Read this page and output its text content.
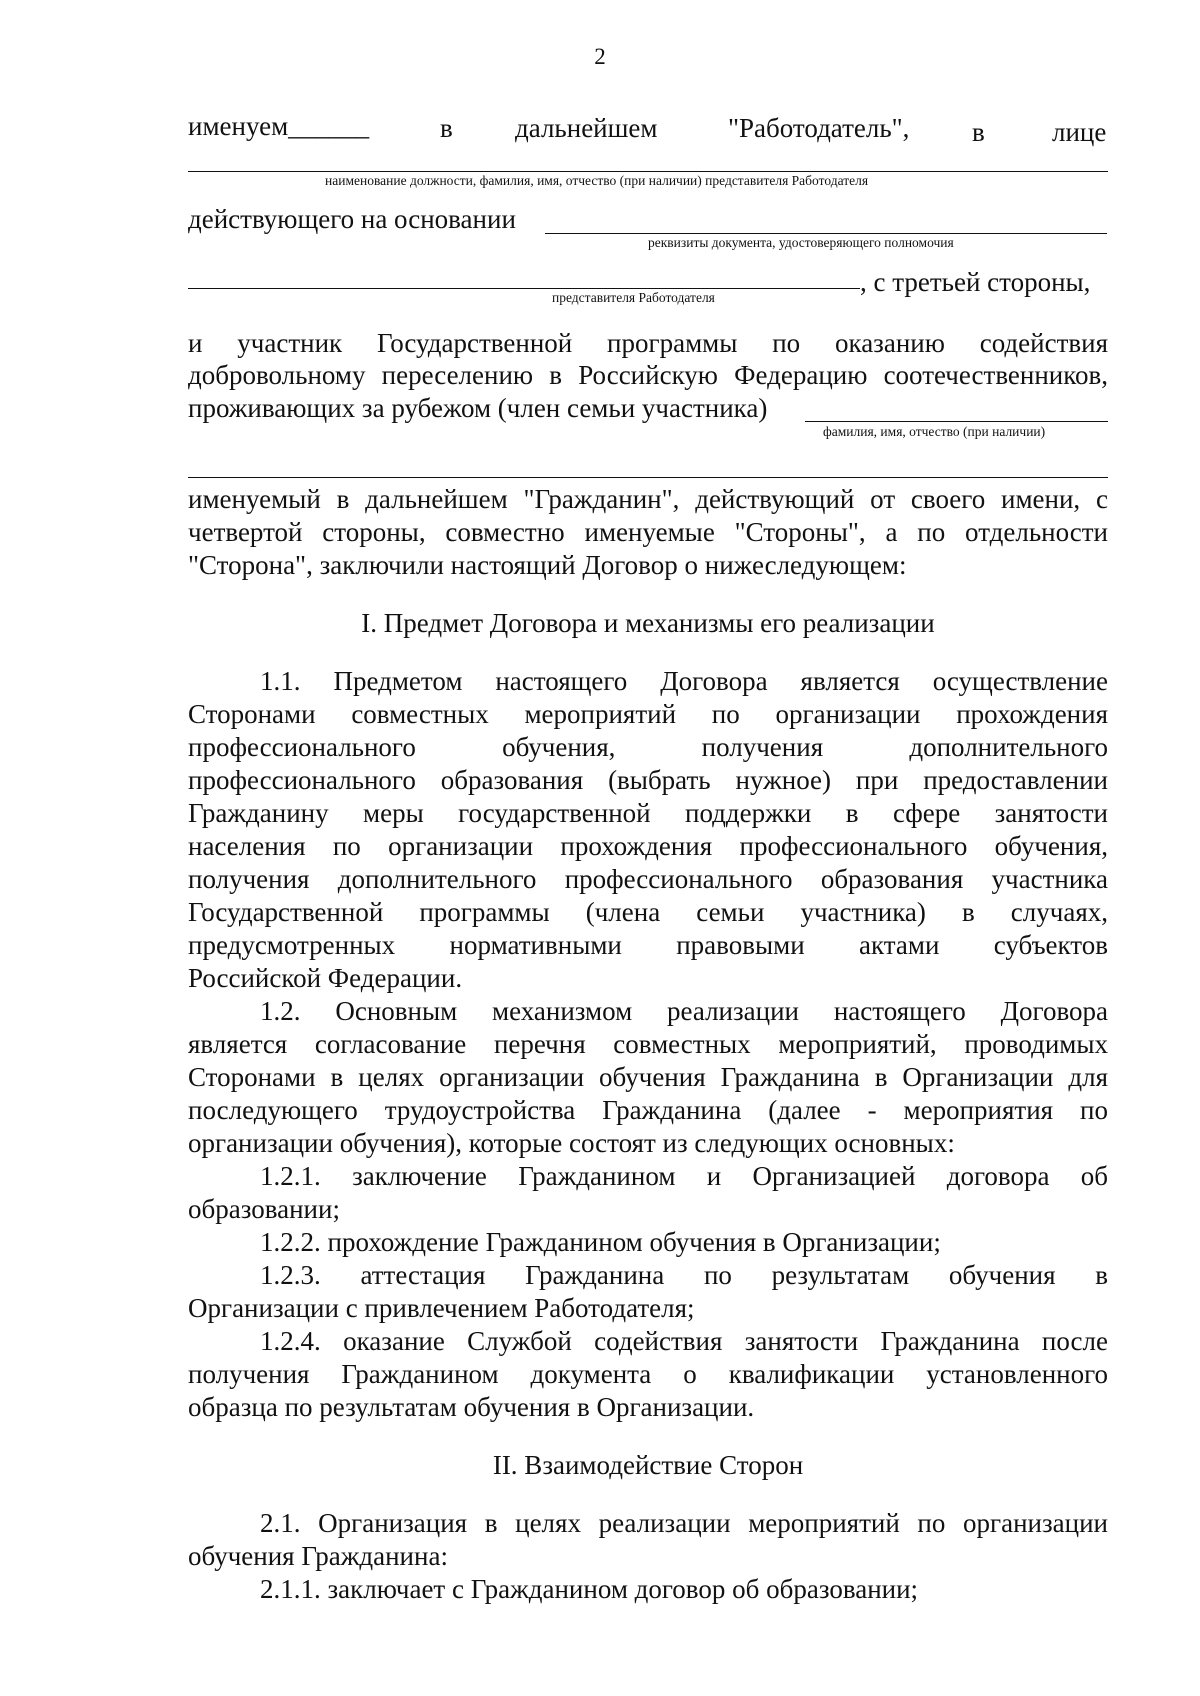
2
именуем______	в дальнейшем	"Работодатель", в лице
наименование должности, фамилия, имя, отчество (при наличии) представителя Работодателя
действующего на основании
реквизиты документа, удостоверяющего полномочия
, с третьей стороны,
представителя Работодателя
и участник Государственной программы по оказанию содействия
добровольному переселению в Российскую Федерацию соотечественников,
проживающих за рубежом (член семьи участника)
фамилия, имя, отчество (при наличии)
именуемый в дальнейшем "Гражданин", действующий от своего имени, с
четвертой стороны, совместно именуемые "Стороны", а по отдельности
"Сторона", заключили настоящий Договор о нижеследующем:
I. Предмет Договора и механизмы его реализации
1.1. Предметом настоящего Договора является осуществление
Сторонами совместных мероприятий по организации прохождения
профессионального обучения, получения дополнительного
профессионального образования (выбрать нужное) при предоставлении
Гражданину меры государственной поддержки в сфере занятости
населения по организации прохождения профессионального обучения,
получения дополнительного профессионального образования участника
Государственной программы (члена семьи участника) в случаях,
предусмотренных нормативными правовыми актами субъектов
Российской Федерации.
1.2. Основным механизмом реализации настоящего Договора
является согласование перечня совместных мероприятий, проводимых
Сторонами в целях организации обучения Гражданина в Организации для
последующего трудоустройства Гражданина (далее - мероприятия по
организации обучения), которые состоят из следующих основных:
1.2.1. заключение Гражданином и Организацией договора об
образовании;
1.2.2. прохождение Гражданином обучения в Организации;
1.2.3. аттестация Гражданина по результатам обучения в
Организации с привлечением Работодателя;
1.2.4. оказание Службой содействия занятости Гражданина после
получения Гражданином документа о квалификации установленного
образца по результатам обучения в Организации.
II. Взаимодействие Сторон
2.1. Организация в целях реализации мероприятий по организации
обучения Гражданина:
2.1.1. заключает с Гражданином договор об образовании;
